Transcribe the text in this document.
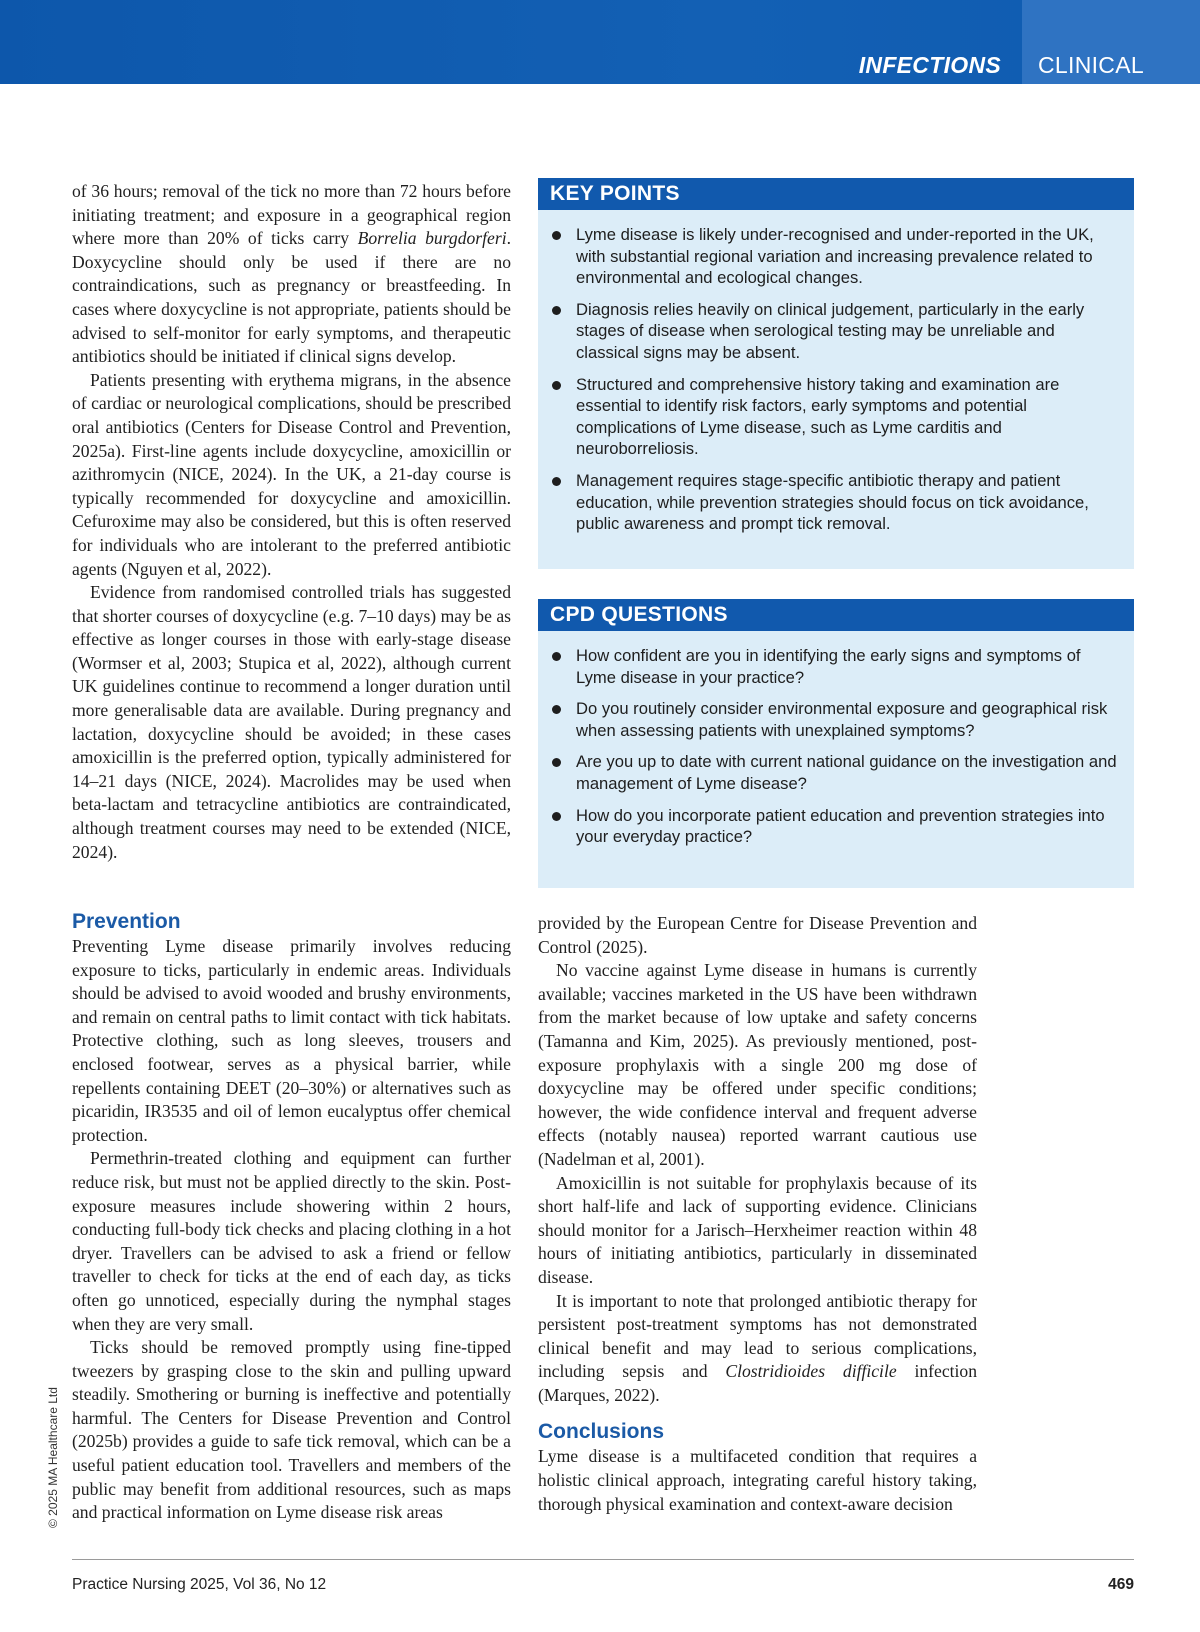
INFECTIONS CLINICAL

of 36 hours; removal of the tick no more than 72 hours before initiating treatment; and exposure in a geographical region where more than 20% of ticks carry Borrelia burgdorferi. Doxycycline should only be used if there are no contraindications, such as pregnancy or breastfeeding. In cases where doxycycline is not appropriate, patients should be advised to self-monitor for early symptoms, and therapeutic antibiotics should be initiated if clinical signs develop.

Patients presenting with erythema migrans, in the absence of cardiac or neurological complications, should be prescribed oral antibiotics (Centers for Disease Control and Prevention, 2025a). First-line agents include doxycycline, amoxicillin or azithromycin (NICE, 2024). In the UK, a 21-day course is typically recommended for doxycycline and amoxicillin. Cefuroxime may also be considered, but this is often reserved for individuals who are intolerant to the preferred antibiotic agents (Nguyen et al, 2022).

Evidence from randomised controlled trials has suggested that shorter courses of doxycycline (e.g. 7–10 days) may be as effective as longer courses in those with early-stage disease (Wormser et al, 2003; Stupica et al, 2022), although current UK guidelines continue to recommend a longer duration until more generalisable data are available. During pregnancy and lactation, doxycycline should be avoided; in these cases amoxicillin is the preferred option, typically administered for 14–21 days (NICE, 2024). Macrolides may be used when beta-lactam and tetracycline antibiotics are contraindicated, although treatment courses may need to be extended (NICE, 2024).

Prevention

Preventing Lyme disease primarily involves reducing exposure to ticks, particularly in endemic areas. Individuals should be advised to avoid wooded and brushy environments, and remain on central paths to limit contact with tick habitats. Protective clothing, such as long sleeves, trousers and enclosed footwear, serves as a physical barrier, while repellents containing DEET (20–30%) or alternatives such as picaridin, IR3535 and oil of lemon eucalyptus offer chemical protection.

Permethrin-treated clothing and equipment can further reduce risk, but must not be applied directly to the skin. Post-exposure measures include showering within 2 hours, conducting full-body tick checks and placing clothing in a hot dryer. Travellers can be advised to ask a friend or fellow traveller to check for ticks at the end of each day, as ticks often go unnoticed, especially during the nymphal stages when they are very small.

Ticks should be removed promptly using fine-tipped tweezers by grasping close to the skin and pulling upward steadily. Smothering or burning is ineffective and potentially harmful. The Centers for Disease Prevention and Control (2025b) provides a guide to safe tick removal, which can be a useful patient education tool. Travellers and members of the public may benefit from additional resources, such as maps and practical information on Lyme disease risk areas

KEY POINTS
Lyme disease is likely under-recognised and under-reported in the UK, with substantial regional variation and increasing prevalence related to environmental and ecological changes.
Diagnosis relies heavily on clinical judgement, particularly in the early stages of disease when serological testing may be unreliable and classical signs may be absent.
Structured and comprehensive history taking and examination are essential to identify risk factors, early symptoms and potential complications of Lyme disease, such as Lyme carditis and neuroborreliosis.
Management requires stage-specific antibiotic therapy and patient education, while prevention strategies should focus on tick avoidance, public awareness and prompt tick removal.
CPD QUESTIONS
How confident are you in identifying the early signs and symptoms of Lyme disease in your practice?
Do you routinely consider environmental exposure and geographical risk when assessing patients with unexplained symptoms?
Are you up to date with current national guidance on the investigation and management of Lyme disease?
How do you incorporate patient education and prevention strategies into your everyday practice?

provided by the European Centre for Disease Prevention and Control (2025).

No vaccine against Lyme disease in humans is currently available; vaccines marketed in the US have been withdrawn from the market because of low uptake and safety concerns (Tamanna and Kim, 2025). As previously mentioned, post-exposure prophylaxis with a single 200 mg dose of doxycycline may be offered under specific conditions; however, the wide confidence interval and frequent adverse effects (notably nausea) reported warrant cautious use (Nadelman et al, 2001).

Amoxicillin is not suitable for prophylaxis because of its short half-life and lack of supporting evidence. Clinicians should monitor for a Jarisch–Herxheimer reaction within 48 hours of initiating antibiotics, particularly in disseminated disease.

It is important to note that prolonged antibiotic therapy for persistent post-treatment symptoms has not demonstrated clinical benefit and may lead to serious complications, including sepsis and Clostridioides difficile infection (Marques, 2022).

Conclusions

Lyme disease is a multifaceted condition that requires a holistic clinical approach, integrating careful history taking, thorough physical examination and context-aware decision

© 2025 MA Healthcare Ltd
Practice Nursing 2025, Vol 36, No 12	469
